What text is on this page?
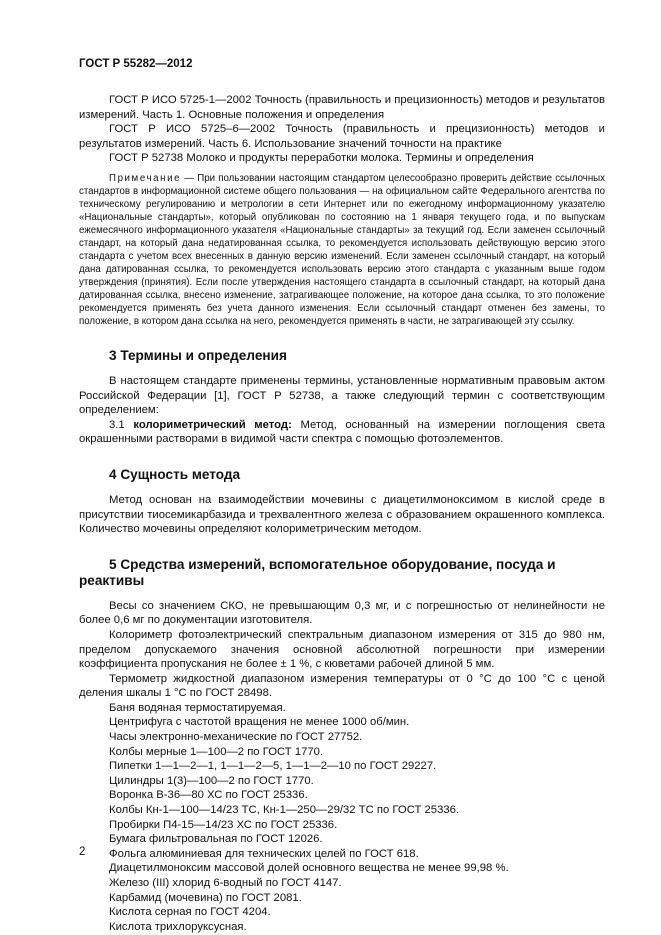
ГОСТ Р 55282—2012

ГОСТ Р ИСО 5725-1—2002 Точность (правильность и прецизионность) методов и результатов измерений. Часть 1. Основные положения и определения

ГОСТ Р ИСО 5725–6—2002 Точность (правильность и прецизионность) методов и результатов измерений. Часть 6. Использование значений точности на практике

ГОСТ Р 52738 Молоко и продукты переработки молока. Термины и определения

Примечание — При пользовании настоящим стандартом целесообразно проверить действие ссылочных стандартов в информационной системе общего пользования — на официальном сайте Федерального агентства по техническому регулированию и метрологии в сети Интернет или по ежегодному информационному указателю «Национальные стандарты», который опубликован по состоянию на 1 января текущего года, и по выпускам ежемесячного информационного указателя «Национальные стандарты» за текущий год. Если заменен ссылочный стандарт, на который дана недатированная ссылка, то рекомендуется использовать действующую версию этого стандарта с учетом всех внесенных в данную версию изменений. Если заменен ссылочный стандарт, на который дана датированная ссылка, то рекомендуется использовать версию этого стандарта с указанным выше годом утверждения (принятия). Если после утверждения настоящего стандарта в ссылочный стандарт, на который дана датированная ссылка, внесено изменение, затрагивающее положение, на которое дана ссылка, то это положение рекомендуется применять без учета данного изменения. Если ссылочный стандарт отменен без замены, то положение, в котором дана ссылка на него, рекомендуется применять в части, не затрагивающей эту ссылку.

3 Термины и определения

В настоящем стандарте применены термины, установленные нормативным правовым актом Российской Федерации [1], ГОСТ Р 52738, а также следующий термин с соответствующим определением:

3.1 колориметрический метод: Метод, основанный на измерении поглощения света окрашенными растворами в видимой части спектра с помощью фотоэлементов.

4 Сущность метода

Метод основан на взаимодействии мочевины с диацетилмоноксимом в кислой среде в присутствии тиосемикарбазида и трехвалентного железа с образованием окрашенного комплекса. Количество мочевины определяют колориметрическим методом.

5 Средства измерений, вспомогательное оборудование, посуда и реактивы

Весы со значением СКО, не превышающим 0,3 мг, и с погрешностью от нелинейности не более 0,6 мг по документации изготовителя.

Колориметр фотоэлектрический спектральным диапазоном измерения от 315 до 980 нм, пределом допускаемого значения основной абсолютной погрешности при измерении коэффициента пропускания не более ± 1 %, с кюветами рабочей длиной 5 мм.

Термометр жидкостной диапазоном измерения температуры от 0 °С до 100 °С с ценой деления шкалы 1 °С по ГОСТ 28498.

Баня водяная термостатируемая.

Центрифуга с частотой вращения не менее 1000 об/мин.

Часы электронно-механические по ГОСТ 27752.

Колбы мерные 1—100—2 по ГОСТ 1770.

Пипетки 1—1—2—1, 1—1—2—5, 1—1—2—10 по ГОСТ 29227.

Цилиндры 1(3)—100—2 по ГОСТ 1770.

Воронка В-36—80 ХС по ГОСТ 25336.

Колбы Кн-1—100—14/23 ТС, Кн-1—250—29/32 ТС по ГОСТ 25336.

Пробирки П4-15—14/23 ХС по ГОСТ 25336.

Бумага фильтровальная по ГОСТ 12026.

Фольга алюминиевая для технических целей по ГОСТ 618.

Диацетилмоноксим массовой долей основного вещества не менее 99,98 %.

Железо (III) хлорид 6-водный по ГОСТ 4147.

Карбамид (мочевина) по ГОСТ 2081.

Кислота серная по ГОСТ 4204.

Кислота трихлоруксусная.

2
